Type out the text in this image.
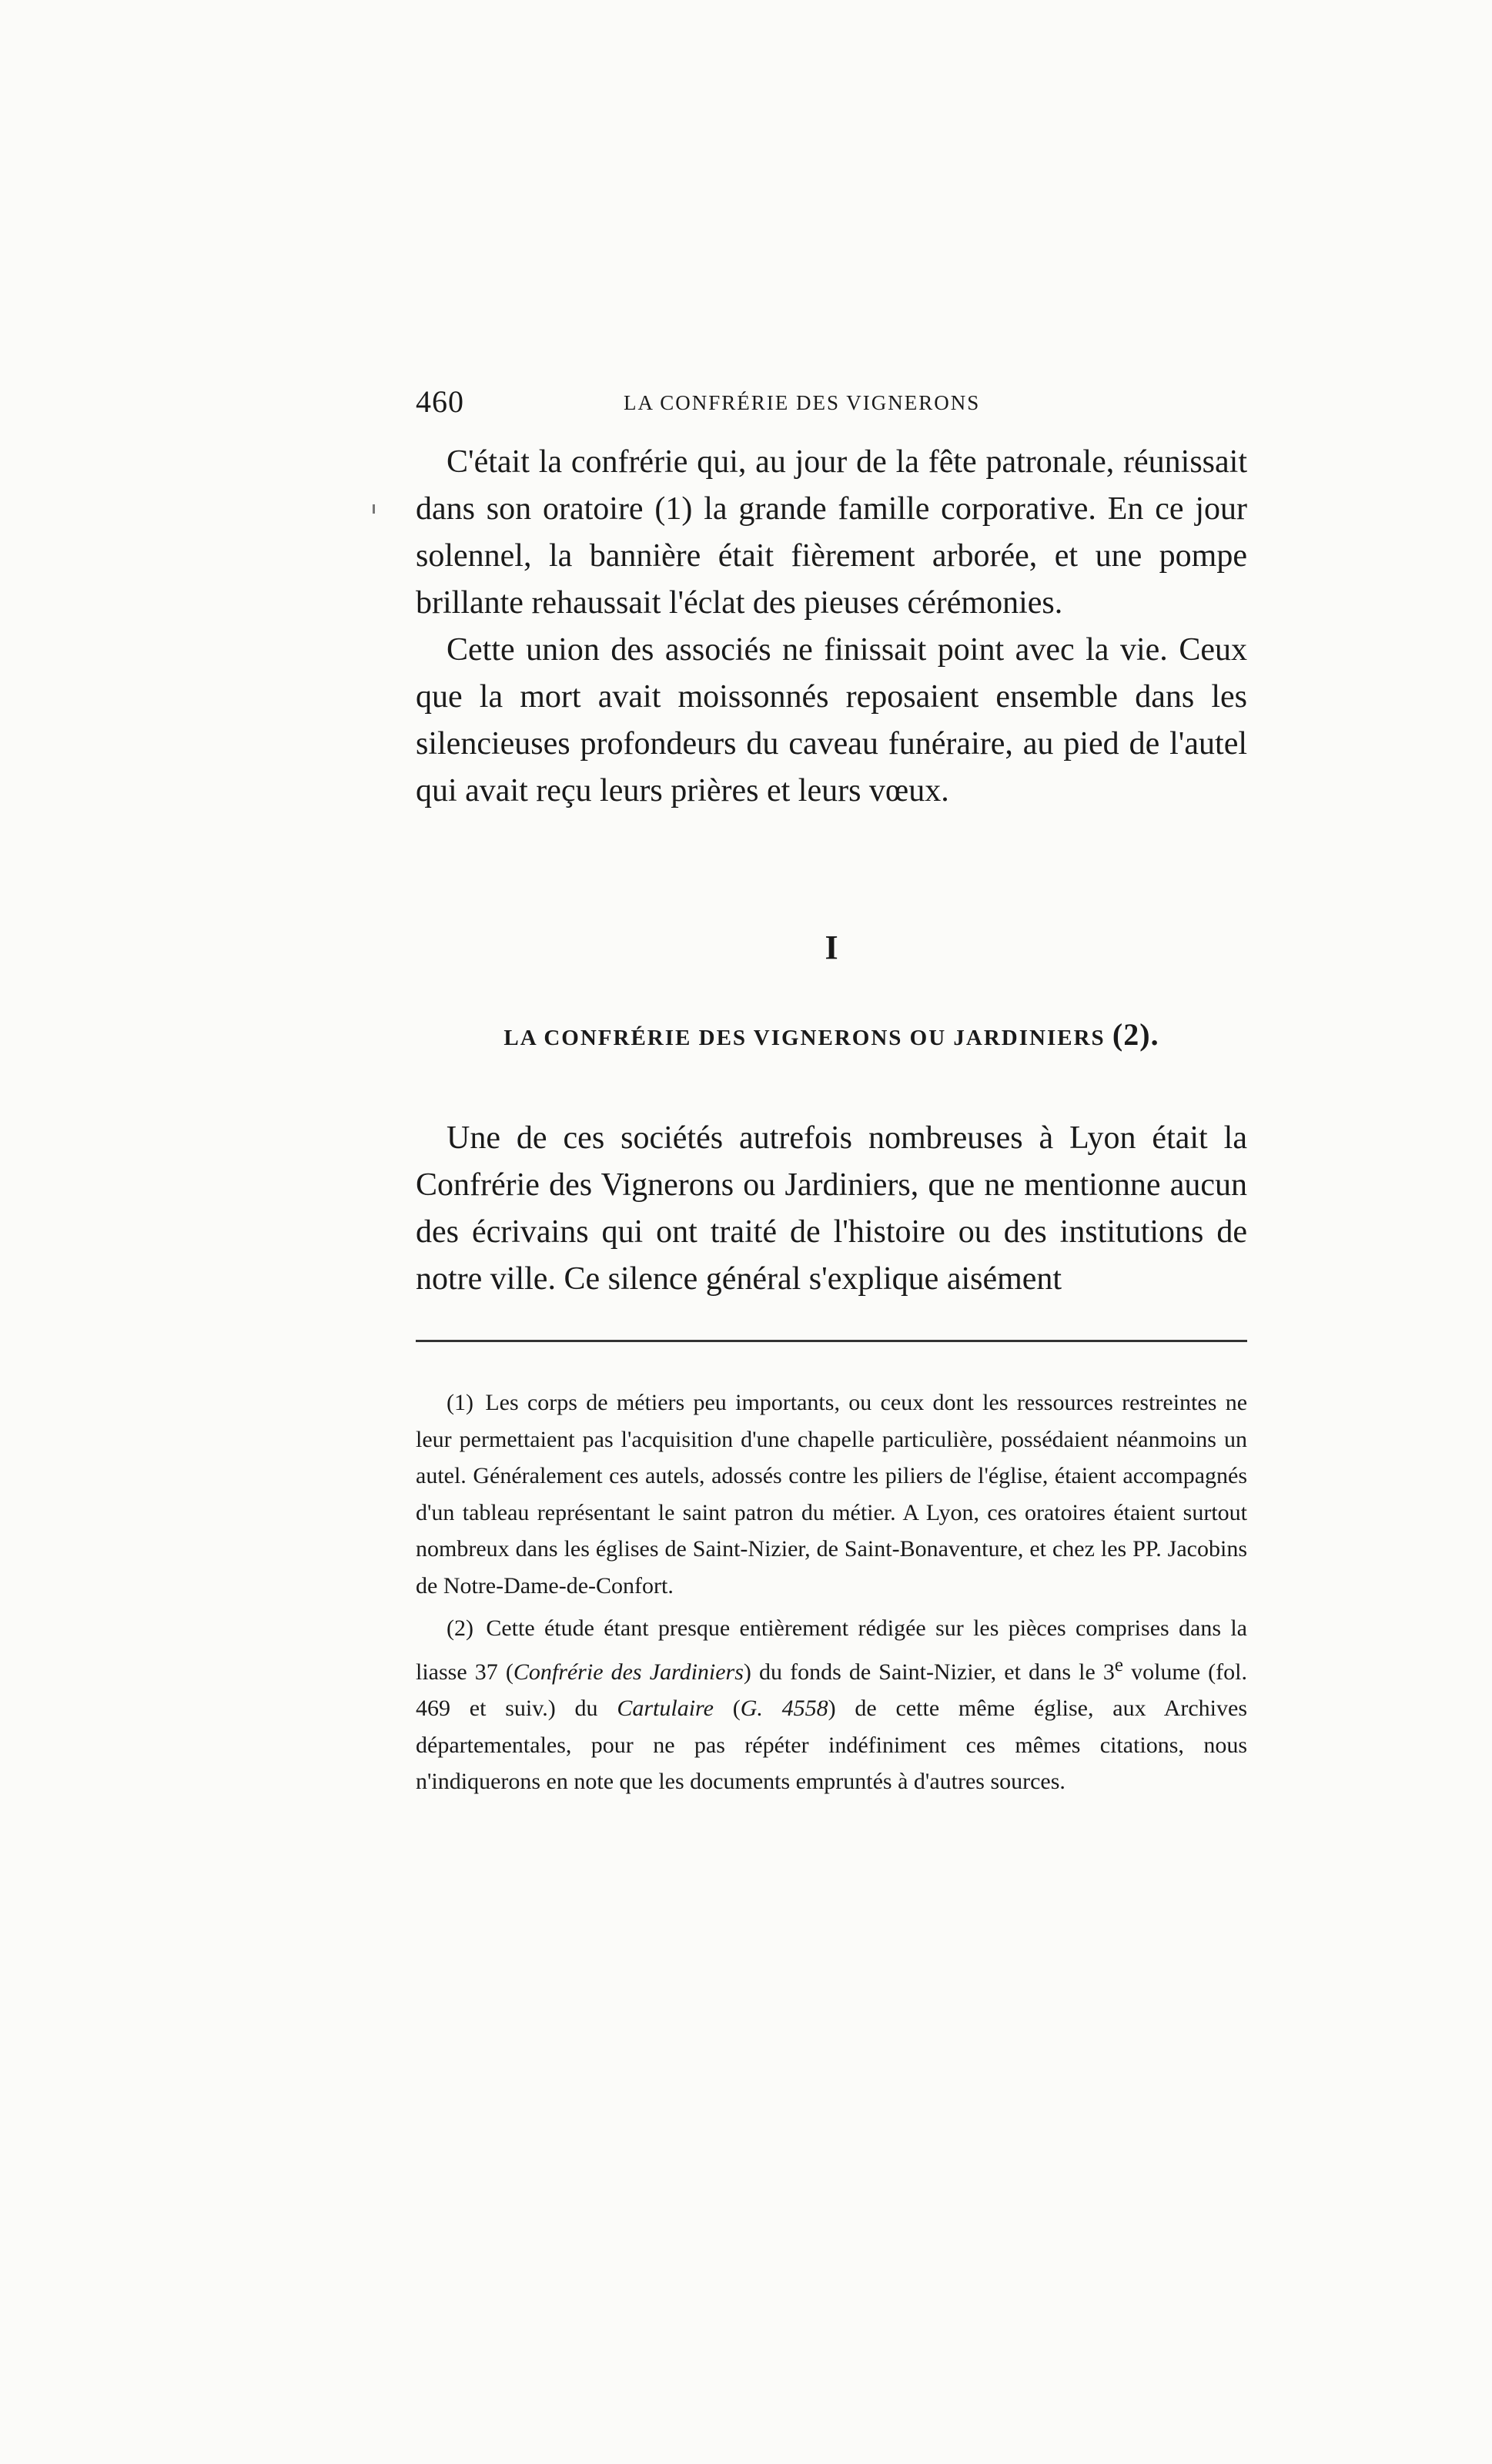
460	LA CONFRÉRIE DES VIGNERONS

C'était la confrérie qui, au jour de la fête patronale, réunissait dans son oratoire (1) la grande famille corporative. En ce jour solennel, la bannière était fièrement arborée, et une pompe brillante rehaussait l'éclat des pieuses cérémonies.

Cette union des associés ne finissait point avec la vie. Ceux que la mort avait moissonnés reposaient ensemble dans les silencieuses profondeurs du caveau funéraire, au pied de l'autel qui avait reçu leurs prières et leurs vœux.

I
LA CONFRÉRIE DES VIGNERONS OU JARDINIERS (2).

Une de ces sociétés autrefois nombreuses à Lyon était la Confrérie des Vignerons ou Jardiniers, que ne mentionne aucun des écrivains qui ont traité de l'histoire ou des institutions de notre ville. Ce silence général s'explique aisément

(1) Les corps de métiers peu importants, ou ceux dont les ressources restreintes ne leur permettaient pas l'acquisition d'une chapelle particulière, possédaient néanmoins un autel. Généralement ces autels, adossés contre les piliers de l'église, étaient accompagnés d'un tableau représentant le saint patron du métier. A Lyon, ces oratoires étaient surtout nombreux dans les églises de Saint-Nizier, de Saint-Bonaventure, et chez les PP. Jacobins de Notre-Dame-de-Confort.

(2) Cette étude étant presque entièrement rédigée sur les pièces comprises dans la liasse 37 (Confrérie des Jardiniers) du fonds de Saint-Nizier, et dans le 3e volume (fol. 469 et suiv.) du Cartulaire (G. 4558) de cette même église, aux Archives départementales, pour ne pas répéter indéfiniment ces mêmes citations, nous n'indiquerons en note que les documents empruntés à d'autres sources.
